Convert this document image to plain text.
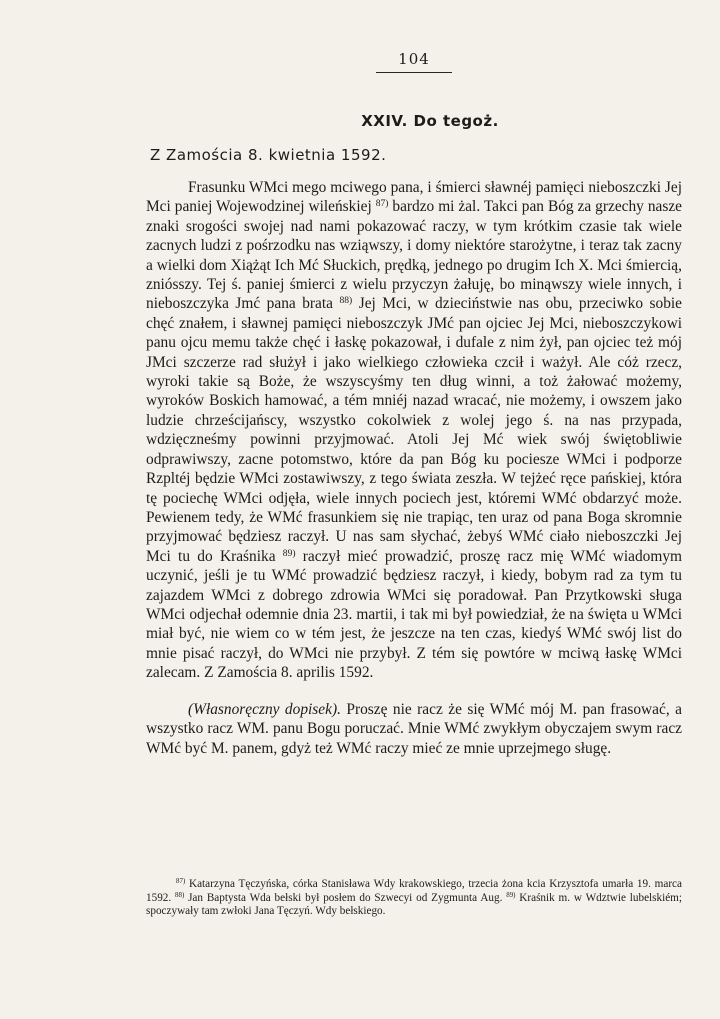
104
XXIV. Do tegoż.
Z Zamościa 8. kwietnia 1592.

Frasunku WMci mego mciwego pana, i śmierci sławnéj pamięci nieboszczki Jej Mci paniej Wojewodzinej wileńskiej $^{87)}$ bardzo mi żal. Takci pan Bóg za grzechy nasze znaki srogości swojej nad nami pokazować raczy, w tym krótkim czasie tak wiele zacnych ludzi z pośrzodku nas wziąwszy, i domy niektóre starożytne, i teraz tak zacny a wielki dom Xiążąt Ich Mć Słuckich, prędką, jednego po drugim Ich X. Mci śmiercią, zniósszy. Tej ś. paniej śmierci z wielu przyczyn żałuję, bo minąwszy wiele innych, i nieboszczyka Jmć pana brata $^{88)}$ Jej Mci, w dzieciństwie nas obu, przeciwko sobie chęć znałem, i sławnej pamięci nieboszczyk JMć pan ojciec Jej Mci, nieboszczykowi panu ojcu memu także chęć i łaskę pokazował, i dufale z nim żył, pan ojciec też mój JMci szczerze rad służył i jako wielkiego człowieka czcił i ważył. Ale cóż rzecz, wyroki takie są Boże, że wszyscyśmy ten dług winni, a toż żałować możemy, wyroków Boskich hamować, a tém mniéj nazad wracać, nie możemy, i owszem jako ludzie chrześcijańscy, wszystko cokolwiek z wolej jego ś. na nas przypada, wdzięczneśmy powinni przyjmować. Atoli Jej Mć wiek swój świętobliwie odprawiwszy, zacne potomstwo, które da pan Bóg ku pociesze WMci i podporze Rzpltéj będzie WMci zostawiwszy, z tego świata zeszła. W tejżeć ręce pańskiej, która tę pociechę WMci odjęła, wiele innych pociech jest, któremi WMć obdarzyć może. Pewienem tedy, że WMć frasunkiem się nie trapiąc, ten uraz od pana Boga skromnie przyjmować będziesz raczył. U nas sam słychać, żebyś WMć ciało nieboszczki Jej Mci tu do Kraśnika $^{89)}$ raczył mieć prowadzić, proszę racz mię WMć wiadomym uczynić, jeśli je tu WMć prowadzić będziesz raczył, i kiedy, bobym rad za tym tu zajazdem WMci z dobrego zdrowia WMci się poradował. Pan Przytkowski sługa WMci odjechał odemnie dnia 23. martii, i tak mi był powiedział, że na święta u WMci miał być, nie wiem co w tém jest, że jeszcze na ten czas, kiedyś WMć swój list do mnie pisać raczył, do WMci nie przybył. Z tém się powtóre w mciwą łaskę WMci zalecam. Z Zamościa 8. aprilis 1592.

(Własnoręczny dopisek). Proszę nie racz że się WMć mój M. pan frasować, a wszystko racz WM. panu Bogu poruczać. Mnie WMć zwykłym obyczajem swym racz WMć być M. panem, gdyż też WMć raczy mieć ze mnie uprzejmego sługę.

$^{87)}$ Katarzyna Tęczyńska, córka Stanisława Wdy krakowskiego, trzecia żona kcia Krzysztofa umarła 19. marca 1592. $^{88)}$ Jan Baptysta Wda bełski był posłem do Szwecyi od Zygmunta Aug. $^{89)}$ Kraśnik m. w Wdztwie lubelskiém; spoczywały tam zwłoki Jana Tęczyń. Wdy bełskiego.
